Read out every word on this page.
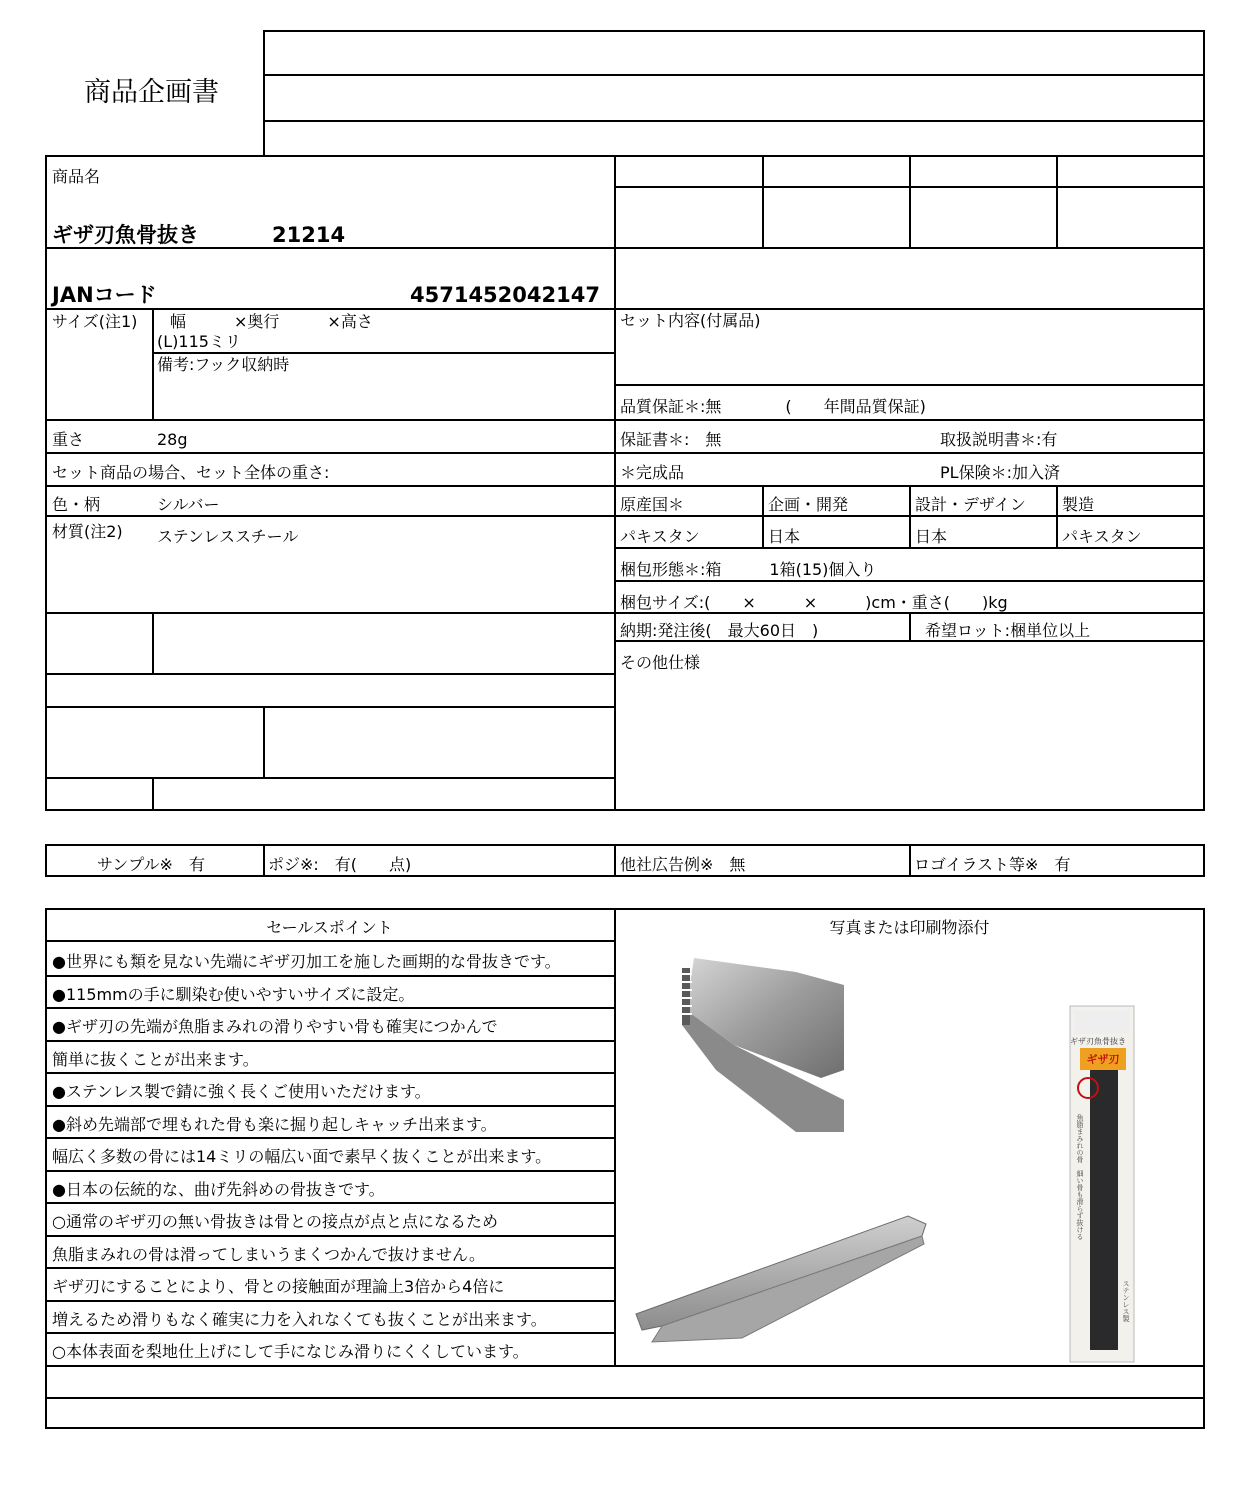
商品企画書
商品名
ギザ刃魚骨抜き	21214
JANコード	4571452042147
サイズ(注1) 幅　　　×奥行　　　×高さ
(L)115ミリ
備考:フック収納時
重さ	28g
セット商品の場合、セット全体の重さ:
色・柄	シルバー
材質(注2) ステンレススチール
セット内容(付属品)
品質保証＊:無　　　　(　　年間品質保証)
保証書＊:　無	取扱説明書＊:有
＊完成品	PL保険＊:加入済
原産国＊	企画・開発	設計・デザイン 製造
パキスタン	日本	日本	パキスタン
梱包形態＊:箱　　　1箱(15)個入り
梱包サイズ:(　　×　　　×　　　)cm・重さ(　　)kg
納期:発注後(　最大60日　)	希望ロット:梱単位以上
その他仕様
サンプル※　有	ポジ※:　有(　　点)	他社広告例※　無	ロゴイラスト等※　有
セールスポイント	写真または印刷物添付
●世界にも類を見ない先端にギザ刃加工を施した画期的な骨抜きです。
●115mmの手に馴染む使いやすいサイズに設定。
●ギザ刃の先端が魚脂まみれの滑りやすい骨も確実につかんで
簡単に抜くことが出来ます。
●ステンレス製で錆に強く長くご使用いただけます。
●斜め先端部で埋もれた骨も楽に掘り起しキャッチ出来ます。
幅広く多数の骨には14ミリの幅広い面で素早く抜くことが出来ます。
●日本の伝統的な、曲げ先斜めの骨抜きです。
○通常のギザ刃の無い骨抜きは骨との接点が点と点になるため
魚脂まみれの骨は滑ってしまいうまくつかんで抜けません。
ギザ刃にすることにより、骨との接触面が理論上3倍から4倍に
増えるため滑りもなく確実に力を入れなくても抜くことが出来ます。
○本体表面を梨地仕上げにして手になじみ滑りにくくしています。
ギザ刃魚骨抜き
ギザ刃
魚脂まみれの骨　細い骨も滑らず抜ける
ステンレス製
